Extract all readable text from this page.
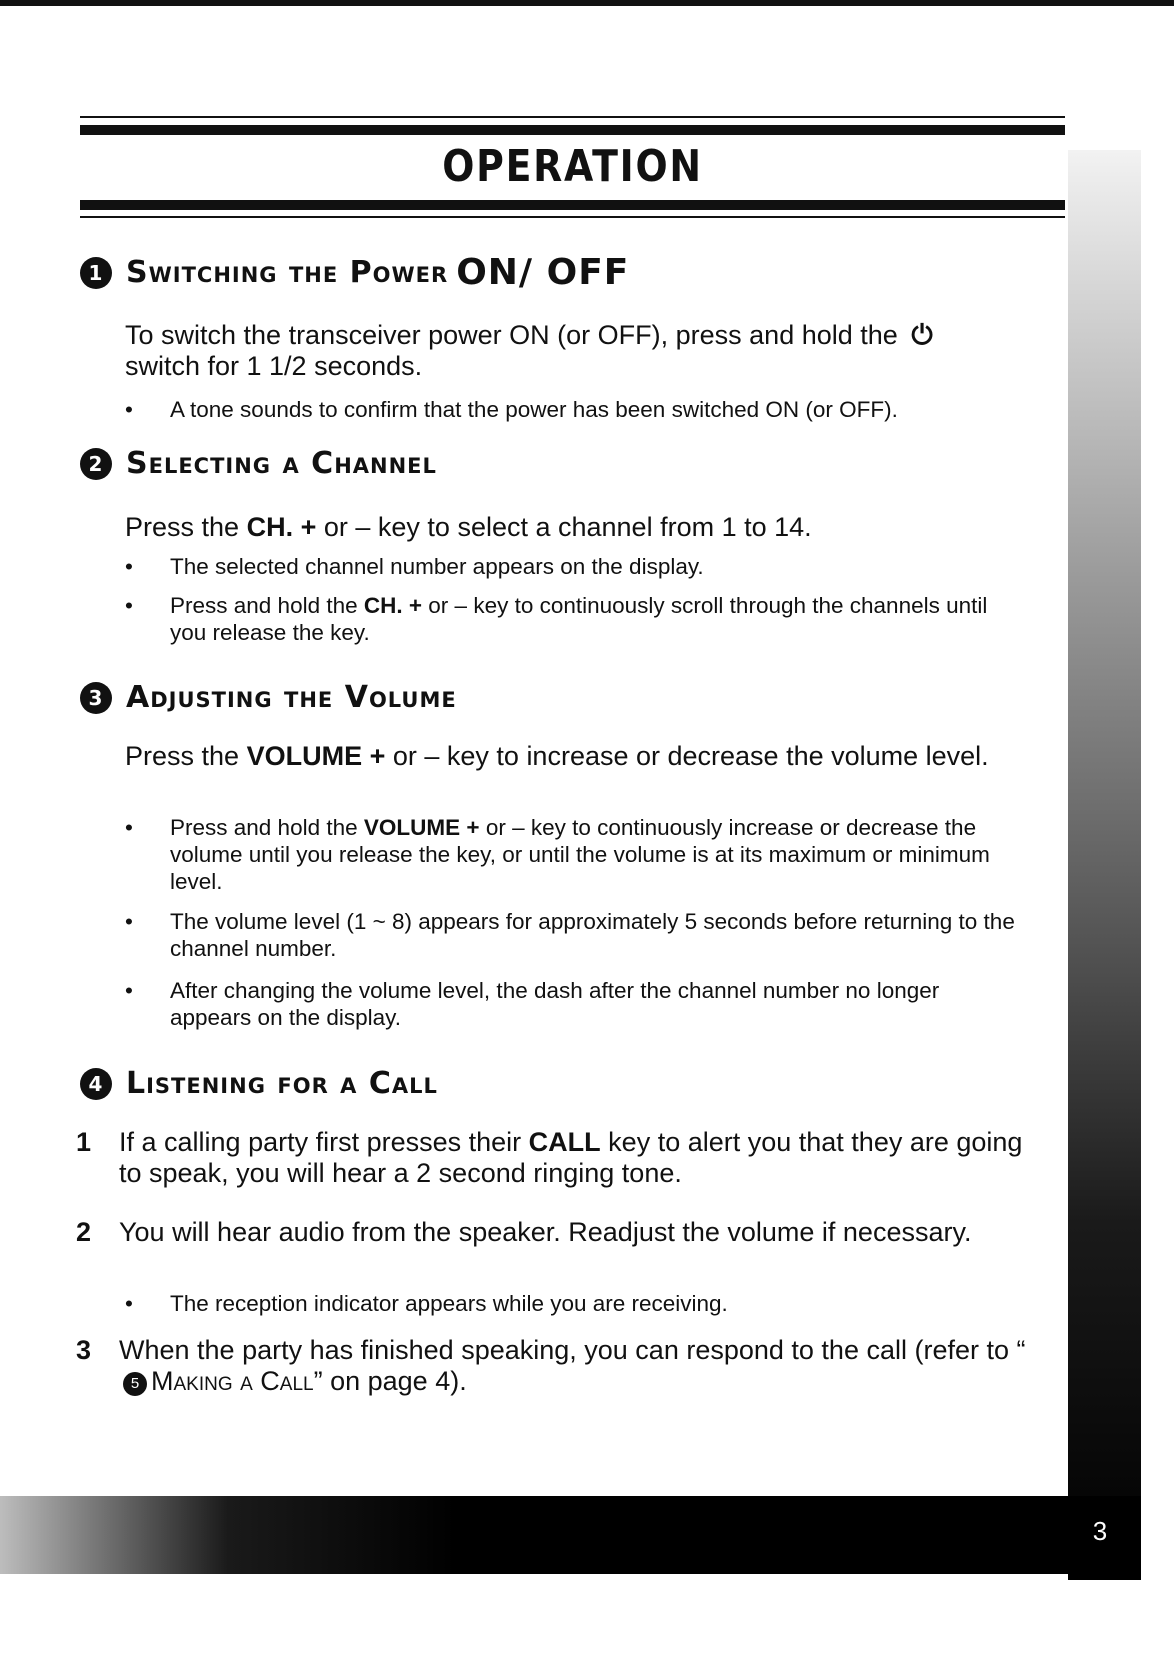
OPERATION
1 Switching the Power ON/ OFF

To switch the transceiver power ON (or OFF), press and hold the ⏻
switch for 1 1/2 seconds.

• A tone sounds to confirm that the power has been switched ON (or OFF).

2 Selecting a Channel

Press the CH. + or – key to select a channel from 1 to 14.

• The selected channel number appears on the display.

• Press and hold the CH. + or – key to continuously scroll through the channels until you release the key.

3 Adjusting the Volume

Press the VOLUME + or – key to increase or decrease the volume level.

• Press and hold the VOLUME + or – key to continuously increase or decrease the volume until you release the key, or until the volume is at its maximum or minimum level.

• The volume level (1 ~ 8) appears for approximately 5 seconds before returning to the channel number.

• After changing the volume level, the dash after the channel number no longer appears on the display.

4 Listening for a Call

1 If a calling party first presses their CALL key to alert you that they are going to speak, you will hear a 2 second ringing tone.

2 You will hear audio from the speaker. Readjust the volume if necessary.

• The reception indicator appears while you are receiving.

3 When the party has finished speaking, you can respond to the call (refer to “5 Making a Call” on page 4).

3
